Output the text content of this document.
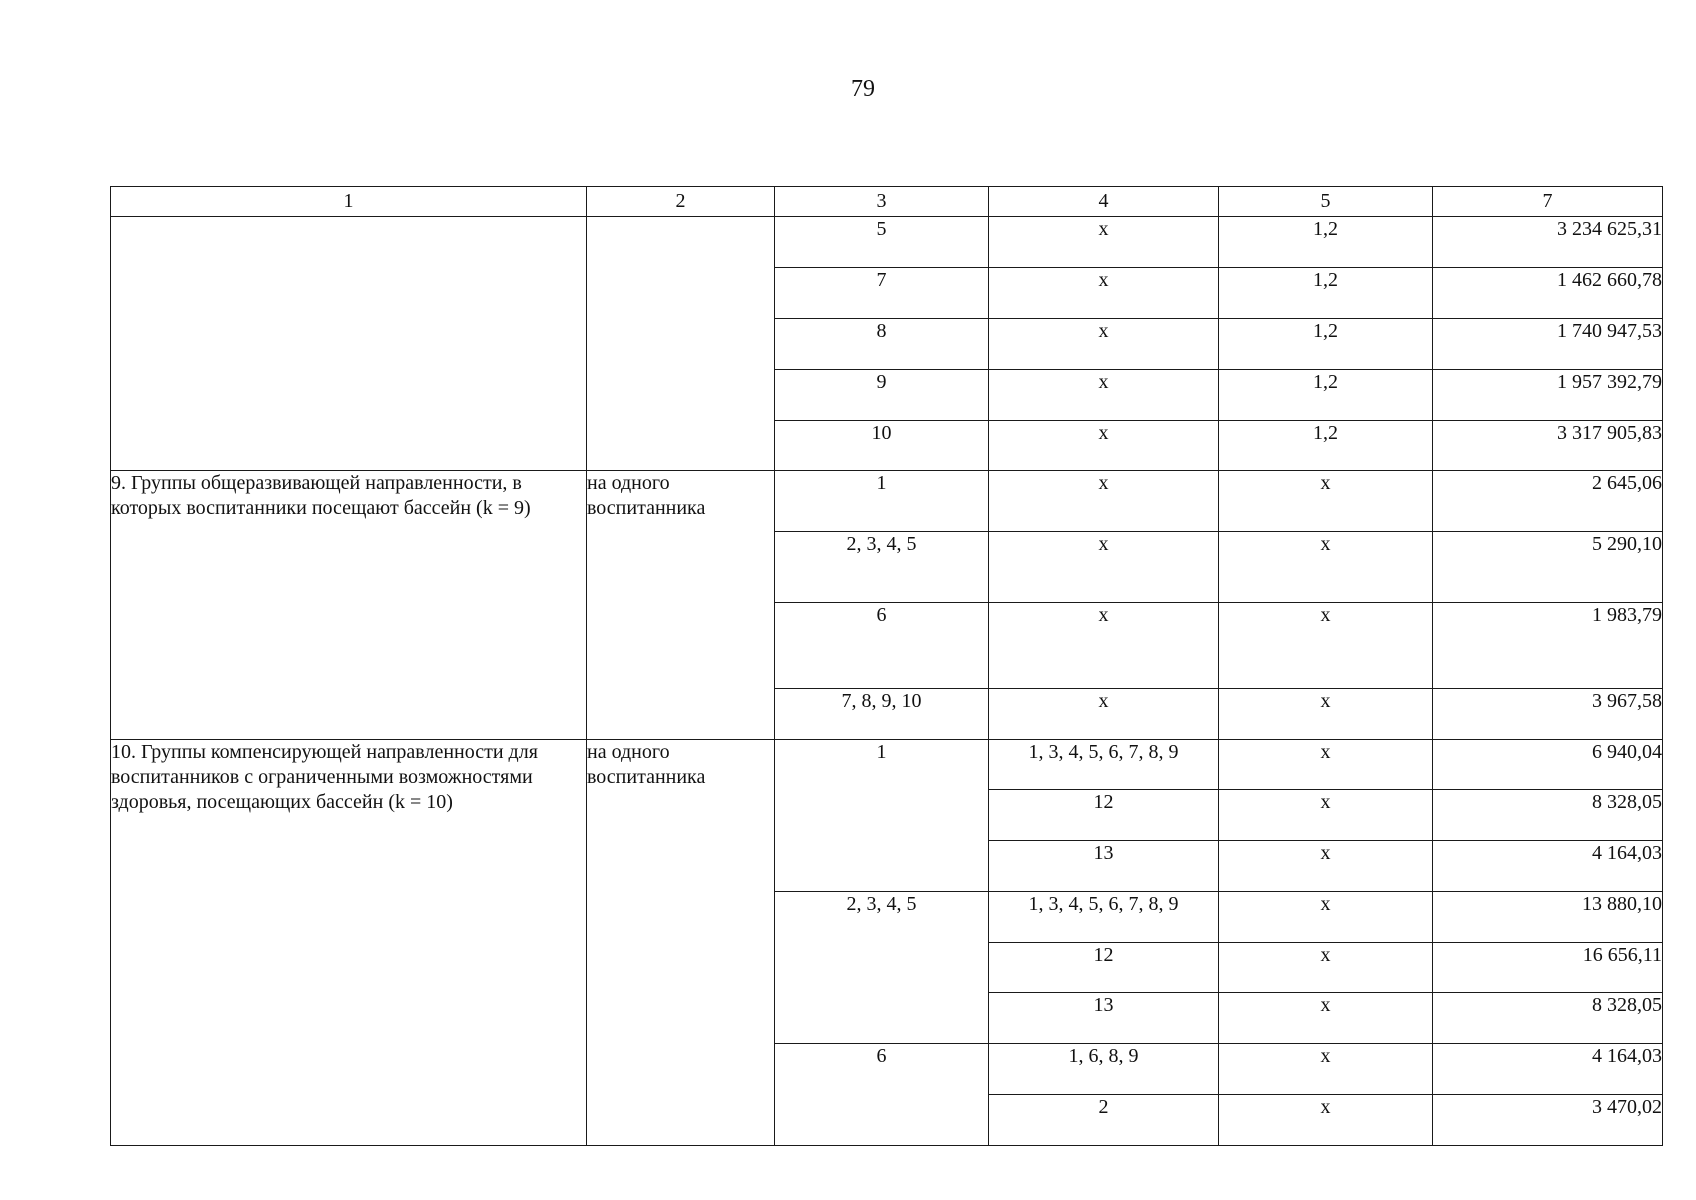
79
1	2	3	4	5	7
		5	х	1,2	3 234 625,31
		7	х	1,2	1 462 660,78
		8	х	1,2	1 740 947,53
		9	х	1,2	1 957 392,79
		10	х	1,2	3 317 905,83
9. Группы общеразвивающей направленности, в которых воспитанники посещают бассейн (k = 9)	на одного воспитанника	1	х	х	2 645,06
		2, 3, 4, 5	х	х	5 290,10
		6	х	х	1 983,79
		7, 8, 9, 10	х	х	3 967,58
10. Группы компенсирующей направленности для воспитанников с ограниченными возможностями здоровья, посещающих бассейн (k = 10)	на одного воспитанника	1	1, 3, 4, 5, 6, 7, 8, 9	х	6 940,04
			12	х	8 328,05
			13	х	4 164,03
		2, 3, 4, 5	1, 3, 4, 5, 6, 7, 8, 9	х	13 880,10
			12	х	16 656,11
			13	х	8 328,05
		6	1, 6, 8, 9	х	4 164,03
			2	х	3 470,02
